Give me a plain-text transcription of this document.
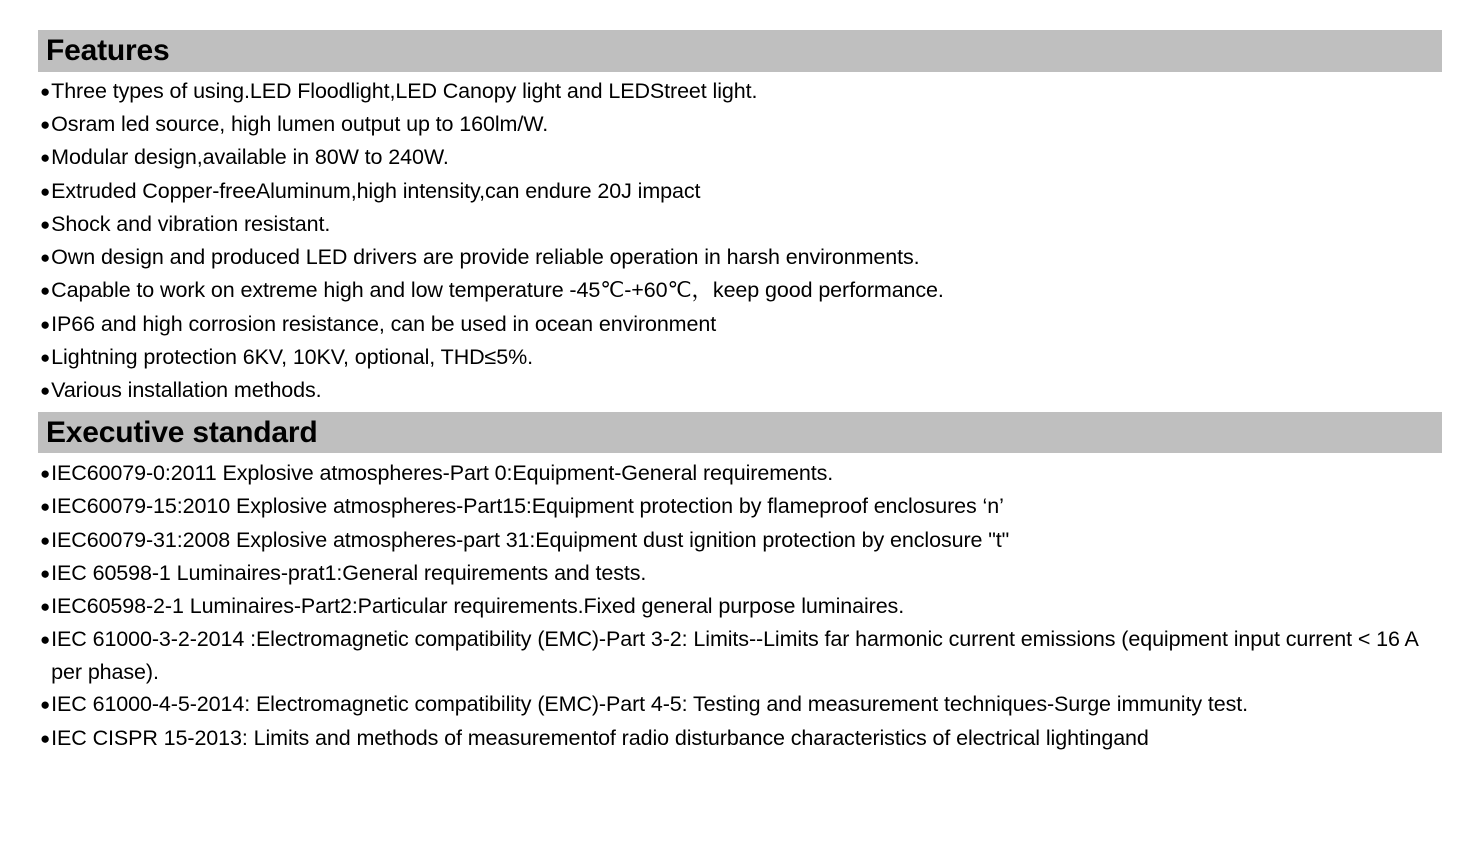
Features
● Three types of using.LED Floodlight,LED Canopy light and LEDStreet light.
● Osram led source, high lumen output up to 160lm/W.
● Modular design,available in 80W to 240W.
● Extruded Copper-freeAluminum,high intensity,can endure 20J impact
● Shock and vibration resistant.
● Own design and produced LED drivers are provide reliable operation in harsh environments.
● Capable to work on extreme high and low temperature -45℃-+60℃，keep good performance.
● IP66 and high corrosion resistance, can be used in ocean environment
● Lightning protection 6KV, 10KV, optional, THD≤5%.
● Various installation methods.
Executive standard
● IEC60079-0:2011 Explosive atmospheres-Part 0:Equipment-General requirements.
● IEC60079-15:2010 Explosive atmospheres-Part15:Equipment protection by flameproof enclosures ‘n’
● IEC60079-31:2008 Explosive atmospheres-part 31:Equipment dust ignition protection by enclosure "t"
● IEC 60598-1 Luminaires-prat1:General requirements and tests.
● IEC60598-2-1 Luminaires-Part2:Particular requirements.Fixed general purpose luminaires.
● IEC 61000-3-2-2014 :Electromagnetic compatibility (EMC)-Part 3-2: Limits--Limits far harmonic current emissions (equipment input current < 16 A per phase).
● IEC 61000-4-5-2014: Electromagnetic compatibility (EMC)-Part 4-5: Testing and measurement techniques-Surge immunity test.
● IEC CISPR 15-2013: Limits and methods of measurementof radio disturbance characteristics of electrical lightingand
